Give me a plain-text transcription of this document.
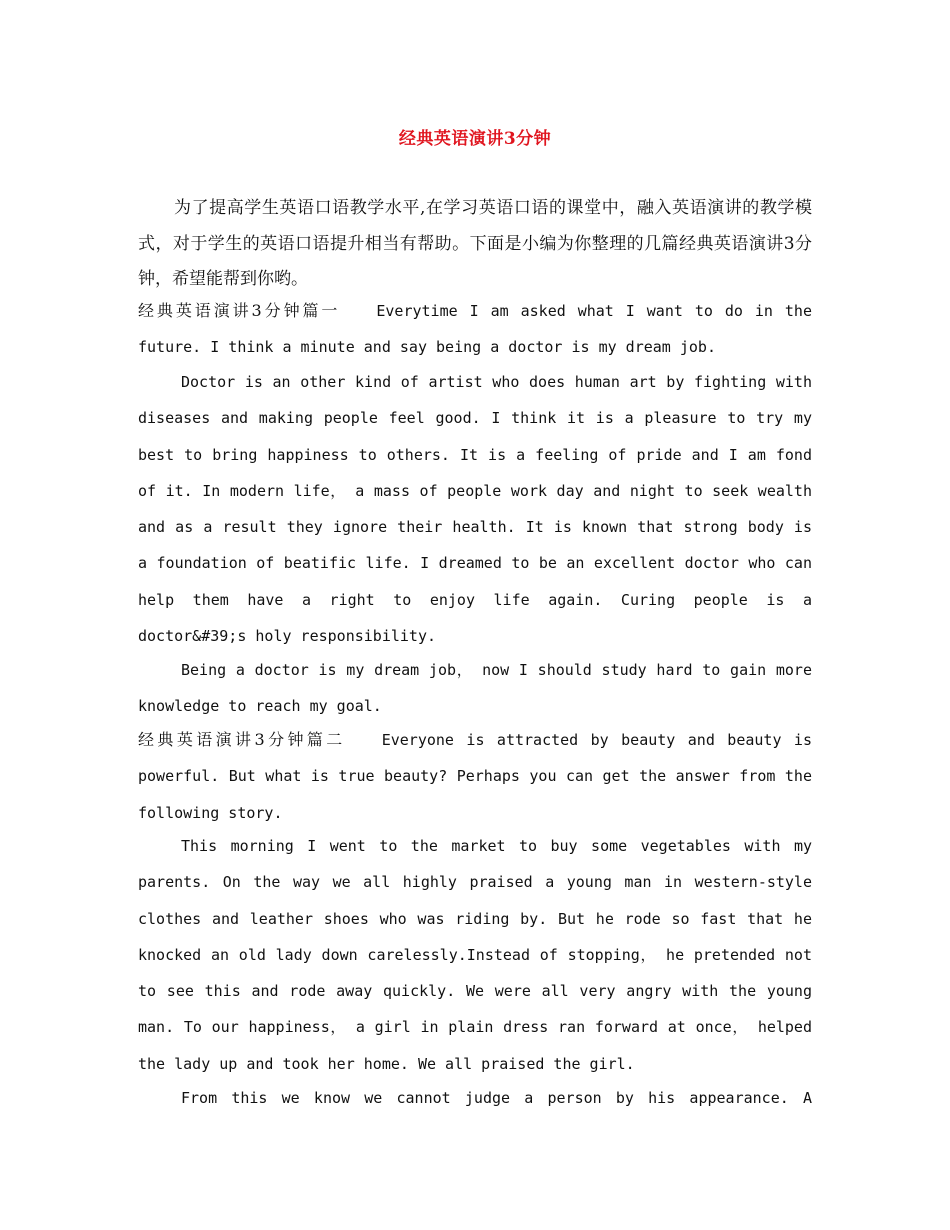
经典英语演讲3分钟
为了提高学生英语口语教学水平,在学习英语口语的课堂中，融入英语演讲的教学模式，对于学生的英语口语提升相当有帮助。下面是小编为你整理的几篇经典英语演讲3分钟，希望能帮到你哟。
经典英语演讲3分钟篇一 Everytime I am asked what I want to do in the future. I think a minute and say being a doctor is my dream job.
Doctor is an other kind of artist who does human art by fighting with diseases and making people feel good. I think it is a pleasure to try my best to bring happiness to others. It is a feeling of pride and I am fond of it. In modern life， a mass of people work day and night to seek wealth and as a result they ignore their health. It is known that strong body is a foundation of beatific life. I dreamed to be an excellent doctor who can help them have a right to enjoy life again. Curing people is a doctor&#39;s holy responsibility.
Being a doctor is my dream job， now I should study hard to gain more knowledge to reach my goal.
经典英语演讲3分钟篇二 Everyone is attracted by beauty and beauty is powerful. But what is true beauty? Perhaps you can get the answer from the following story.
This morning I went to the market to buy some vegetables with my parents. On the way we all highly praised a young man in western-style clothes and leather shoes who was riding by. But he rode so fast that he knocked an old lady down carelessly.Instead of stopping， he pretended not to see this and rode away quickly. We were all very angry with the young man. To our happiness， a girl in plain dress ran forward at once， helped the lady up and took her home. We all praised the girl.
From this we know we cannot judge a person by his appearance. A
